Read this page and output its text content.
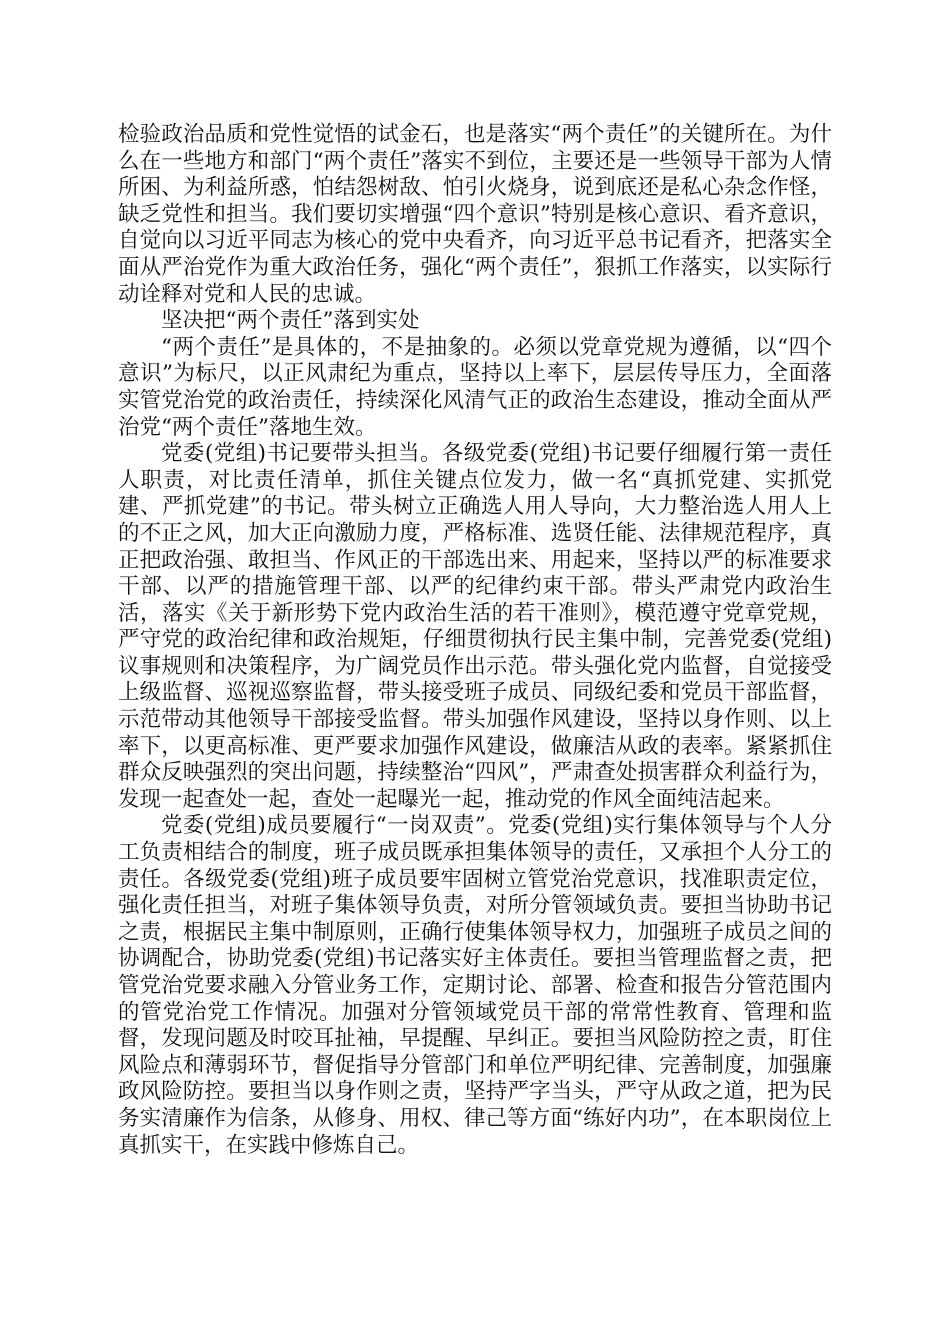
检验政治品质和党性觉悟的试金石，也是落实“两个责任”的关键所在。为什么在一些地方和部门“两个责任”落实不到位，主要还是一些领导干部为人情所困、为利益所惑，怕结怨树敌、怕引火烧身，说到底还是私心杂念作怪，缺乏党性和担当。我们要切实增强“四个意识”特别是核心意识、看齐意识，自觉向以习近平同志为核心的党中央看齐，向习近平总书记看齐，把落实全面从严治党作为重大政治任务，强化“两个责任”，狠抓工作落实，以实际行动诠释对党和人民的忠诚。

坚决把“两个责任”落到实处

“两个责任”是具体的，不是抽象的。必须以党章党规为遵循，以“四个意识”为标尺，以正风肃纪为重点，坚持以上率下，层层传导压力，全面落实管党治党的政治责任，持续深化风清气正的政治生态建设，推动全面从严治党“两个责任”落地生效。

党委(党组)书记要带头担当。各级党委(党组)书记要仔细履行第一责任人职责，对比责任清单，抓住关键点位发力，做一名“真抓党建、实抓党建、严抓党建”的书记。带头树立正确选人用人导向，大力整治选人用人上的不正之风，加大正向激励力度，严格标准、选贤任能、法律规范程序，真正把政治强、敢担当、作风正的干部选出来、用起来，坚持以严的标准要求干部、以严的措施管理干部、以严的纪律约束干部。带头严肃党内政治生活，落实《关于新形势下党内政治生活的若干准则》，模范遵守党章党规，严守党的政治纪律和政治规矩，仔细贯彻执行民主集中制，完善党委(党组)议事规则和决策程序，为广阔党员作出示范。带头强化党内监督，自觉接受上级监督、巡视巡察监督，带头接受班子成员、同级纪委和党员干部监督，示范带动其他领导干部接受监督。带头加强作风建设，坚持以身作则、以上率下，以更高标准、更严要求加强作风建设，做廉洁从政的表率。紧紧抓住群众反映强烈的突出问题，持续整治“四风”，严肃查处损害群众利益行为，发现一起查处一起，查处一起曝光一起，推动党的作风全面纯洁起来。

党委(党组)成员要履行“一岗双责”。党委(党组)实行集体领导与个人分工负责相结合的制度，班子成员既承担集体领导的责任，又承担个人分工的责任。各级党委(党组)班子成员要牢固树立管党治党意识，找准职责定位，强化责任担当，对班子集体领导负责，对所分管领域负责。要担当协助书记之责，根据民主集中制原则，正确行使集体领导权力，加强班子成员之间的协调配合，协助党委(党组)书记落实好主体责任。要担当管理监督之责，把管党治党要求融入分管业务工作，定期讨论、部署、检查和报告分管范围内的管党治党工作情况。加强对分管领域党员干部的常常性教育、管理和监督，发现问题及时咬耳扯袖，早提醒、早纠正。要担当风险防控之责，盯住风险点和薄弱环节，督促指导分管部门和单位严明纪律、完善制度，加强廉政风险防控。要担当以身作则之责，坚持严字当头，严守从政之道，把为民务实清廉作为信条，从修身、用权、律己等方面“练好内功”，在本职岗位上真抓实干，在实践中修炼自己。
